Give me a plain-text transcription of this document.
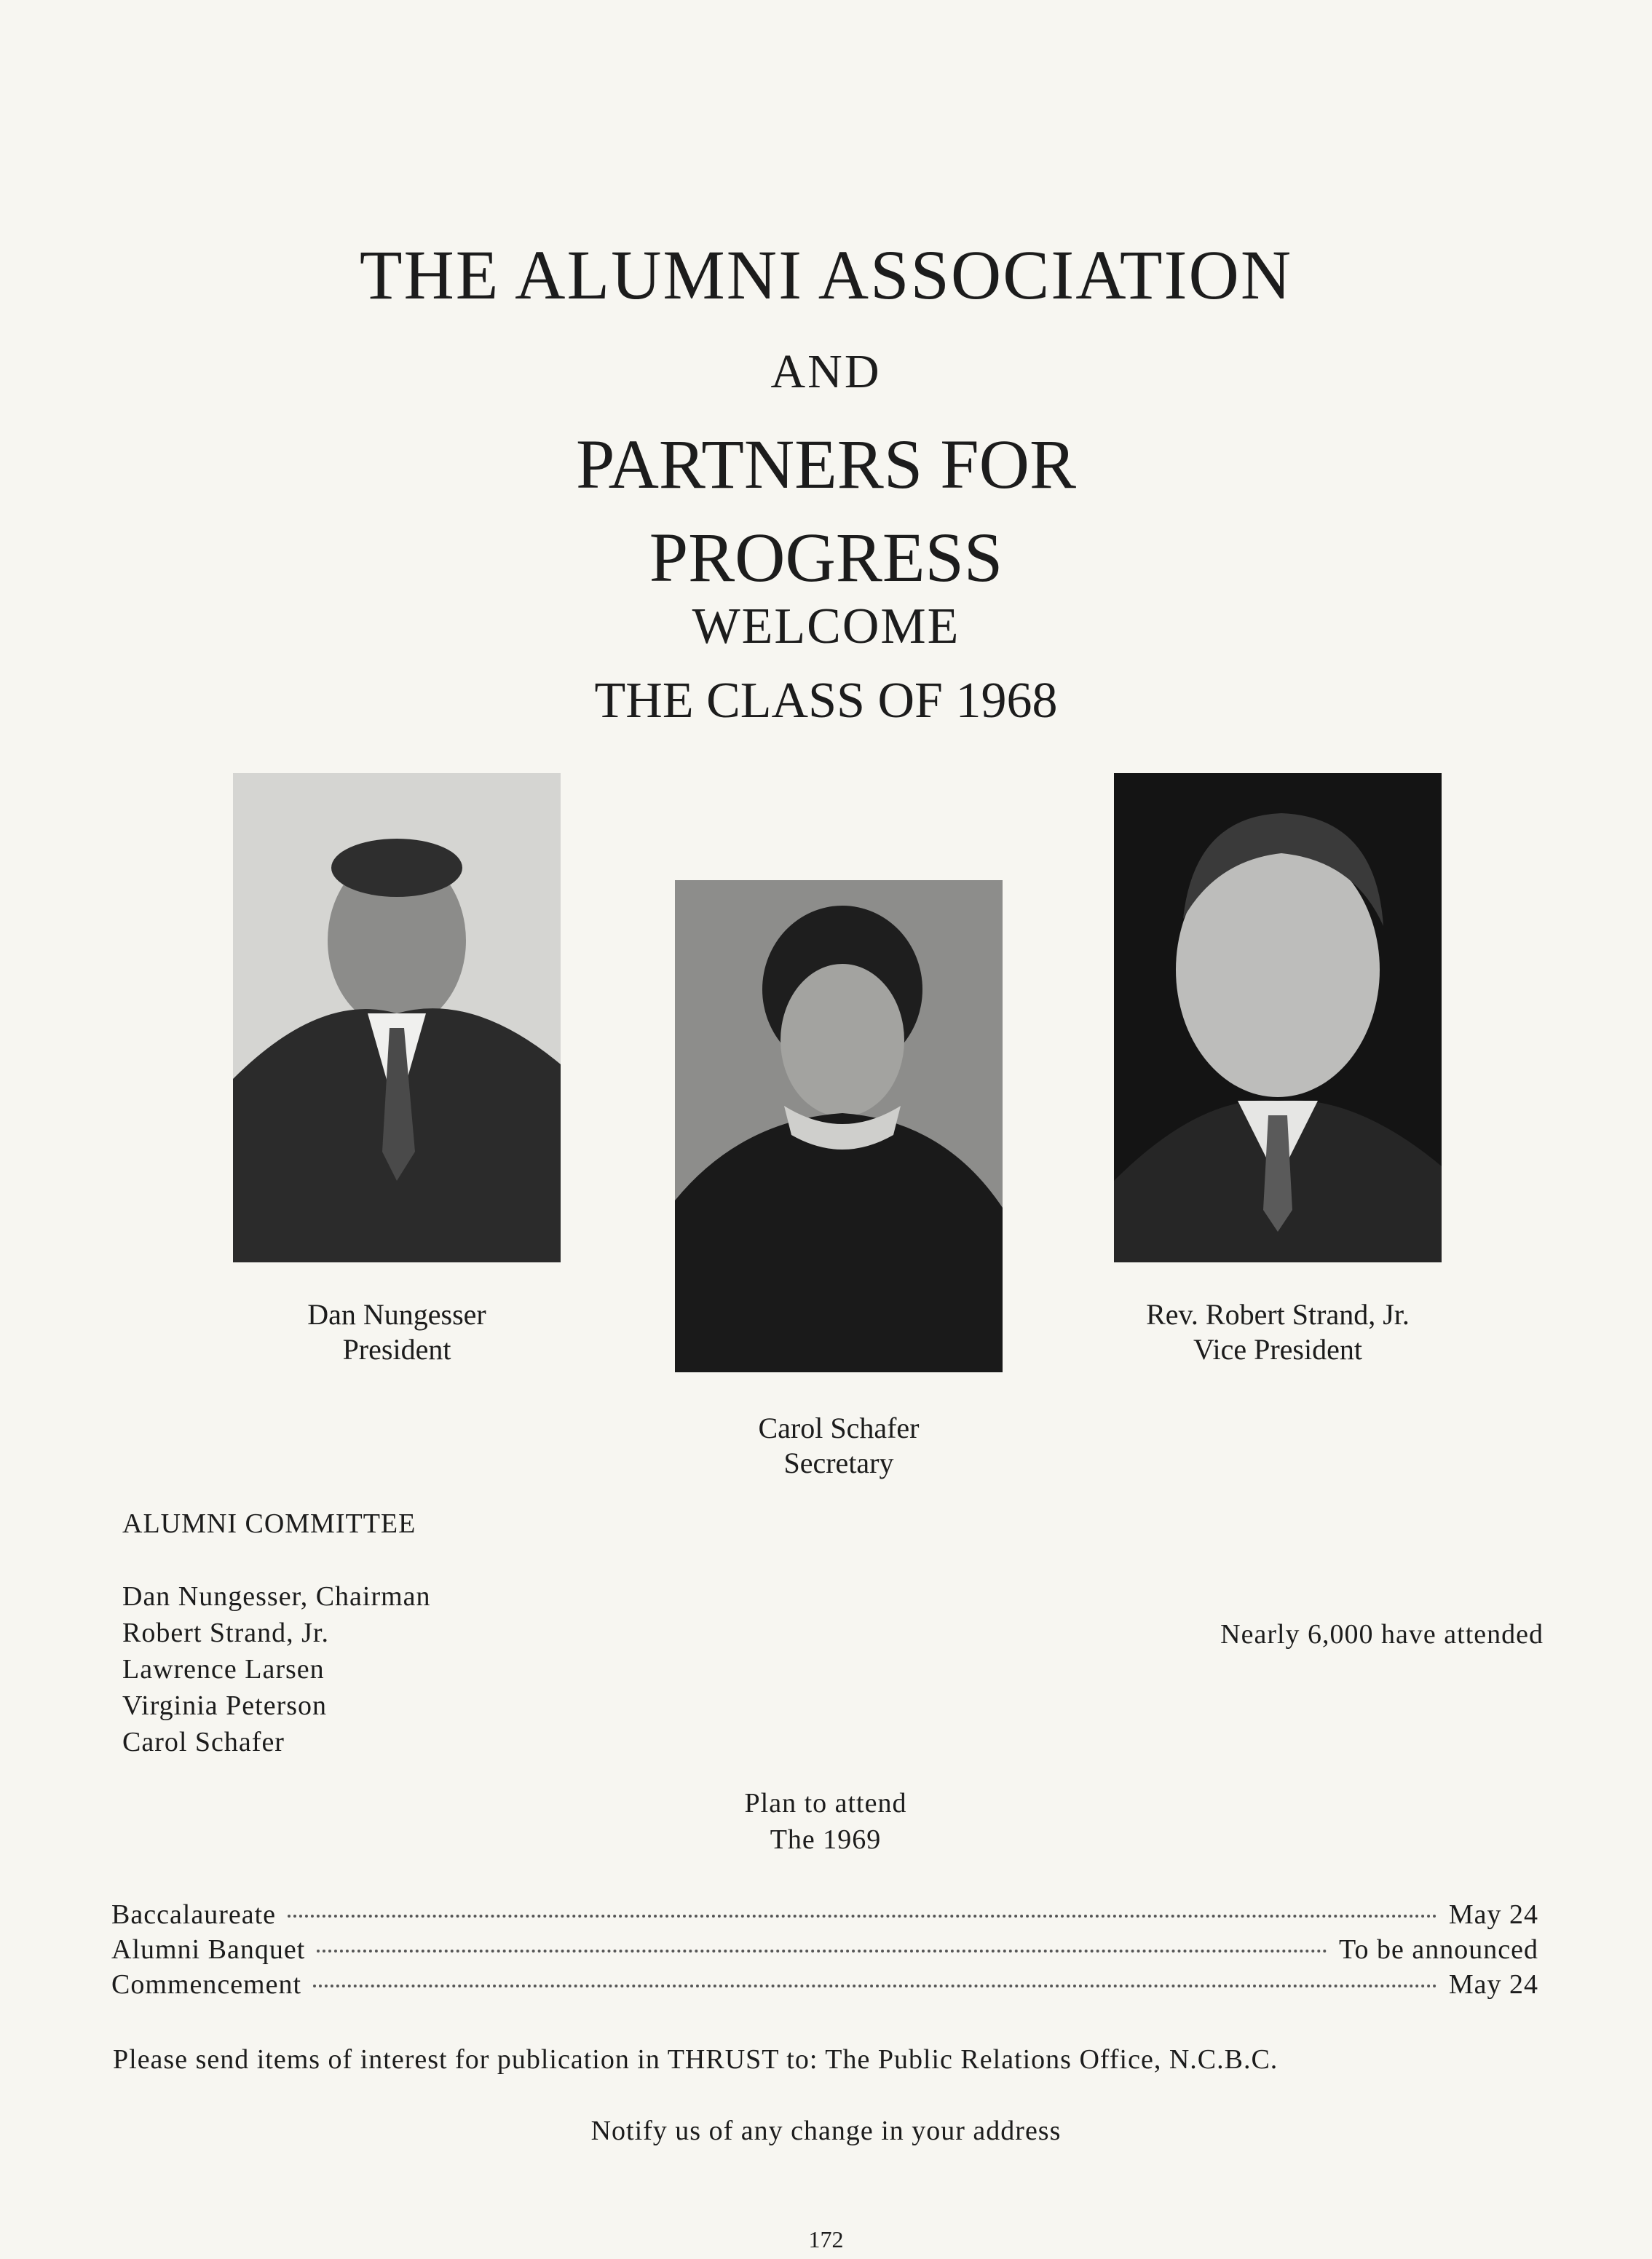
THE ALUMNI ASSOCIATION
AND
PARTNERS FOR
PROGRESS
WELCOME
THE CLASS OF 1968
Dan Nungesser
President
Carol Schafer
Secretary
Rev. Robert Strand, Jr.
Vice President
ALUMNI COMMITTEE
Dan Nungesser, Chairman
Robert Strand, Jr.
Lawrence Larsen
Virginia Peterson
Carol Schafer
Nearly 6,000 have attended
Plan to attend
The 1969
Baccalaureate	May 24
Alumni Banquet	To be announced
Commencement	May 24
Please send items of interest for publication in THRUST to: The Public Relations Office, N.C.B.C.
Notify us of any change in your address
172
